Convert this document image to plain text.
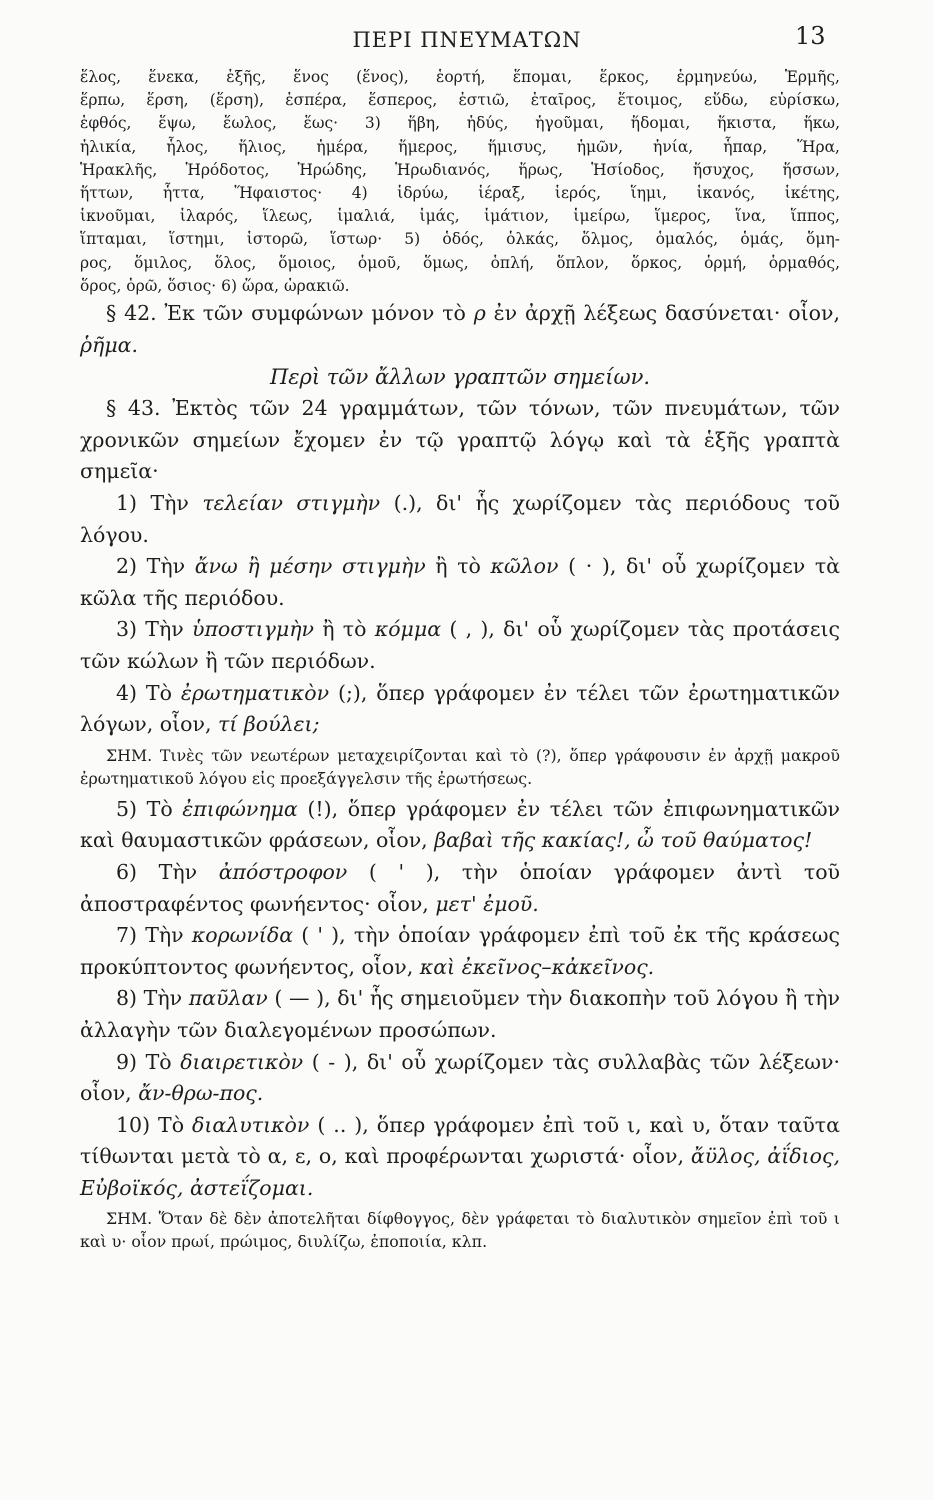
ΠΕΡΙ ΠΝΕΥΜΑΤΩΝ	13
ἕλος, ἕνεκα, ἑξῆς, ἕνος (ἕνος), ἑορτή, ἕπομαι, ἕρκος, ἑρμηνεύω, Ἑρμῆς,
ἕρπω, ἕρση, (ἕρση), ἑσπέρα, ἕσπερος, ἑστιῶ, ἑταῖρος, ἕτοιμος, εὕδω, εὑρίσκω,
ἑφθός, ἕψω, ἕωλος, ἕως· 3) ἥβη, ἡδύς, ἡγοῦμαι, ἥδομαι, ἥκιστα, ἥκω,
ἡλικία, ἧλος, ἥλιος, ἡμέρα, ἥμερος, ἥμισυς, ἡμῶν, ἡνία, ἧπαρ, Ἥρα,
Ἡρακλῆς, Ἡρόδοτος, Ἡρώδης, Ἡρωδιανός, ἥρως, Ἡσίοδος, ἥσυχος, ἥσσων,
ἥττων, ἧττα, Ἥφαιστος· 4) ἱδρύω, ἱέραξ, ἱερός, ἵημι, ἱκανός, ἱκέτης,
ἱκνοῦμαι, ἱλαρός, ἵλεως, ἱμαλιά, ἱμάς, ἱμάτιον, ἱμείρω, ἵμερος, ἵνα, ἵππος,
ἵπταμαι, ἵστημι, ἱστορῶ, ἵστωρ· 5) ὁδός, ὁλκάς, ὅλμος, ὁμαλός, ὁμάς, ὅμη-
ρος, ὅμιλος, ὅλος, ὅμοιος, ὁμοῦ, ὅμως, ὁπλή, ὅπλον, ὅρκος, ὁρμή, ὁρμαθός,
ὅρος, ὁρῶ, ὅσιος· 6) ὥρα, ὡρακιῶ.

§ 42. Ἐκ τῶν συμφώνων μόνον τὸ ρ ἐν ἀρχῇ λέξεως δασύνεται· οἷον, ῥῆμα.

Περὶ τῶν ἄλλων γραπτῶν σημείων.

§ 43. Ἐκτὸς τῶν 24 γραμμάτων, τῶν τόνων, τῶν πνευμάτων, τῶν χρονικῶν σημείων ἔχομεν ἐν τῷ γραπτῷ λόγῳ καὶ τὰ ἑξῆς γραπτὰ σημεῖα·

1) Τὴν τελείαν στιγμὴν (.), δι' ἧς χωρίζομεν τὰς περιόδους τοῦ λόγου.

2) Τὴν ἄνω ἢ μέσην στιγμὴν ἢ τὸ κῶλον ( · ), δι' οὗ χωρίζομεν τὰ κῶλα τῆς περιόδου.

3) Τὴν ὑποστιγμὴν ἢ τὸ κόμμα ( , ), δι' οὗ χωρίζομεν τὰς προτάσεις τῶν κώλων ἢ τῶν περιόδων.

4) Τὸ ἐρωτηματικὸν (;), ὅπερ γράφομεν ἐν τέλει τῶν ἐρωτηματικῶν λόγων, οἷον, τί βούλει;

ΣΗΜ. Τινὲς τῶν νεωτέρων μεταχειρίζονται καὶ τὸ (?), ὅπερ γράφουσιν ἐν ἀρχῇ μακροῦ ἐρωτηματικοῦ λόγου εἰς προεξάγγελσιν τῆς ἐρωτήσεως.

5) Τὸ ἐπιφώνημα (!), ὅπερ γράφομεν ἐν τέλει τῶν ἐπιφωνηματικῶν καὶ θαυμαστικῶν φράσεων, οἷον, βαβαὶ τῆς κακίας!, ὦ τοῦ θαύματος!

6) Τὴν ἀπόστροφον ( ' ), τὴν ὁποίαν γράφομεν ἀντὶ τοῦ ἀποστραφέντος φωνήεντος· οἷον, μετ' ἐμοῦ.

7) Τὴν κορωνίδα ( ' ), τὴν ὁποίαν γράφομεν ἐπὶ τοῦ ἐκ τῆς κράσεως προκύπτοντος φωνήεντος, οἷον, καὶ ἐκεῖνος–κἀκεῖνος.

8) Τὴν παῦλαν ( — ), δι' ἧς σημειοῦμεν τὴν διακοπὴν τοῦ λόγου ἢ τὴν ἀλλαγὴν τῶν διαλεγομένων προσώπων.

9) Τὸ διαιρετικὸν ( - ), δι' οὗ χωρίζομεν τὰς συλλαβὰς τῶν λέξεων· οἷον, ἄν-θρω-πος.

10) Τὸ διαλυτικὸν ( .. ), ὅπερ γράφομεν ἐπὶ τοῦ ι, καὶ υ, ὅταν ταῦτα τίθωνται μετὰ τὸ α, ε, ο, καὶ προφέρωνται χωριστά· οἷον, ἄϋλος, ἀΐδιος, Εὐβοϊκός, ἀστεΐζομαι.

ΣΗΜ. Ὅταν δὲ δὲν ἀποτελῆται δίφθογγος, δὲν γράφεται τὸ διαλυτικὸν σημεῖον ἐπὶ τοῦ ι καὶ υ· οἷον πρωί, πρώιμος, διυλίζω, ἐποποιία, κλπ.
